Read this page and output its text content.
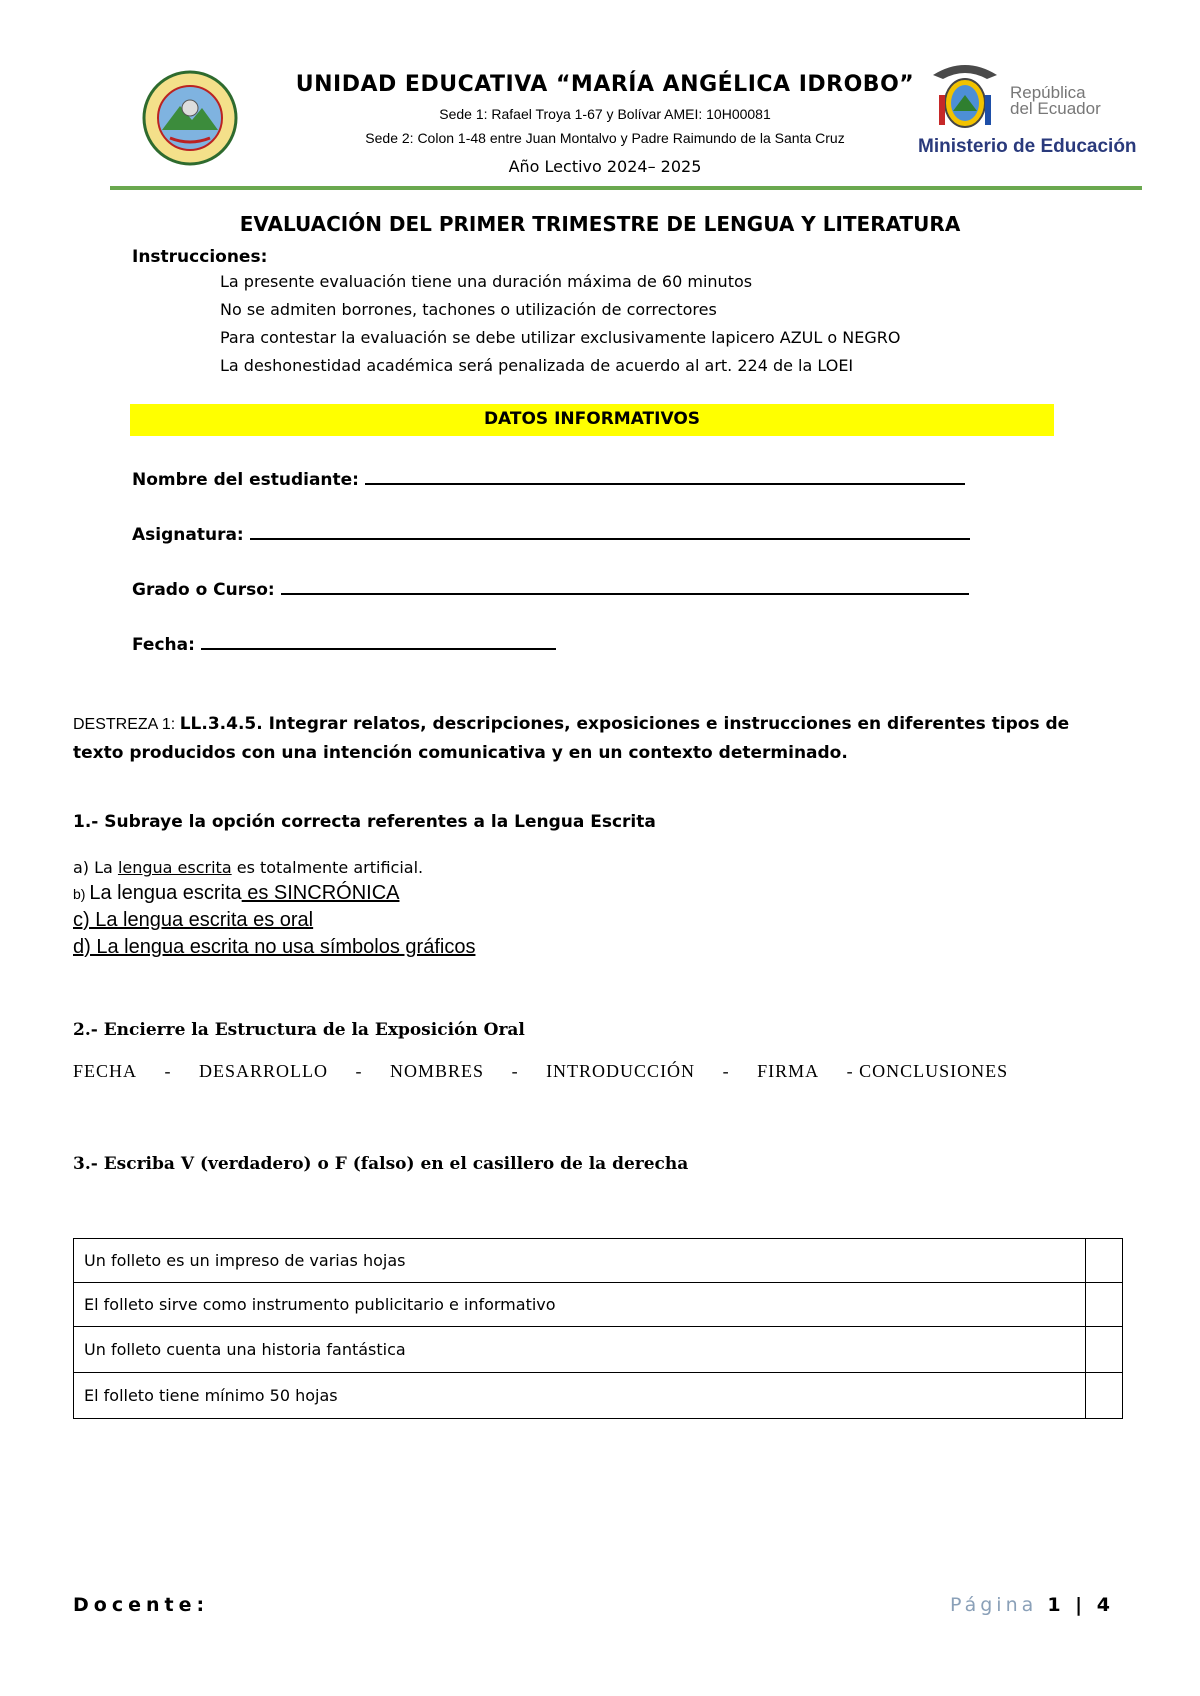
UNIDAD EDUCATIVA “MARÍA ANGÉLICA IDROBO”
Sede 1: Rafael Troya 1-67 y Bolívar AMEI: 10H00081
Sede 2: Colon 1-48 entre Juan Montalvo y Padre Raimundo de la Santa Cruz
Año Lectivo 2024– 2025
República
del Ecuador
Ministerio de Educación
EVALUACIÓN DEL PRIMER TRIMESTRE DE LENGUA Y LITERATURA
Instrucciones:
La presente evaluación tiene una duración máxima de 60 minutos
No se admiten borrones, tachones o utilización de correctores
Para contestar la evaluación se debe utilizar exclusivamente lapicero AZUL o NEGRO
La deshonestidad académica será penalizada de acuerdo al art. 224 de la LOEI
DATOS INFORMATIVOS
Nombre del estudiante:
Asignatura:
Grado o Curso:
Fecha:
DESTREZA 1: LL.3.4.5. Integrar relatos, descripciones, exposiciones e instrucciones en diferentes tipos de texto producidos con una intención comunicativa y en un contexto determinado.
1.- Subraye la opción correcta referentes a la Lengua Escrita
a) La lengua escrita es totalmente artificial.
b) La lengua escrita es SINCRÓNICA
c) La lengua escrita es oral
d) La lengua escrita no usa símbolos gráficos
2.- Encierre la Estructura de la Exposición Oral
FECHA - DESARROLLO - NOMBRES - INTRODUCCIÓN - FIRMA - CONCLUSIONES
3.- Escriba V (verdadero) o F (falso) en el casillero de la derecha
Un folleto es un impreso de varias hojas	
El folleto sirve como instrumento publicitario e informativo	
Un folleto cuenta una historia fantástica	
El folleto tiene mínimo 50 hojas	
Docente:	Página 1 | 4
